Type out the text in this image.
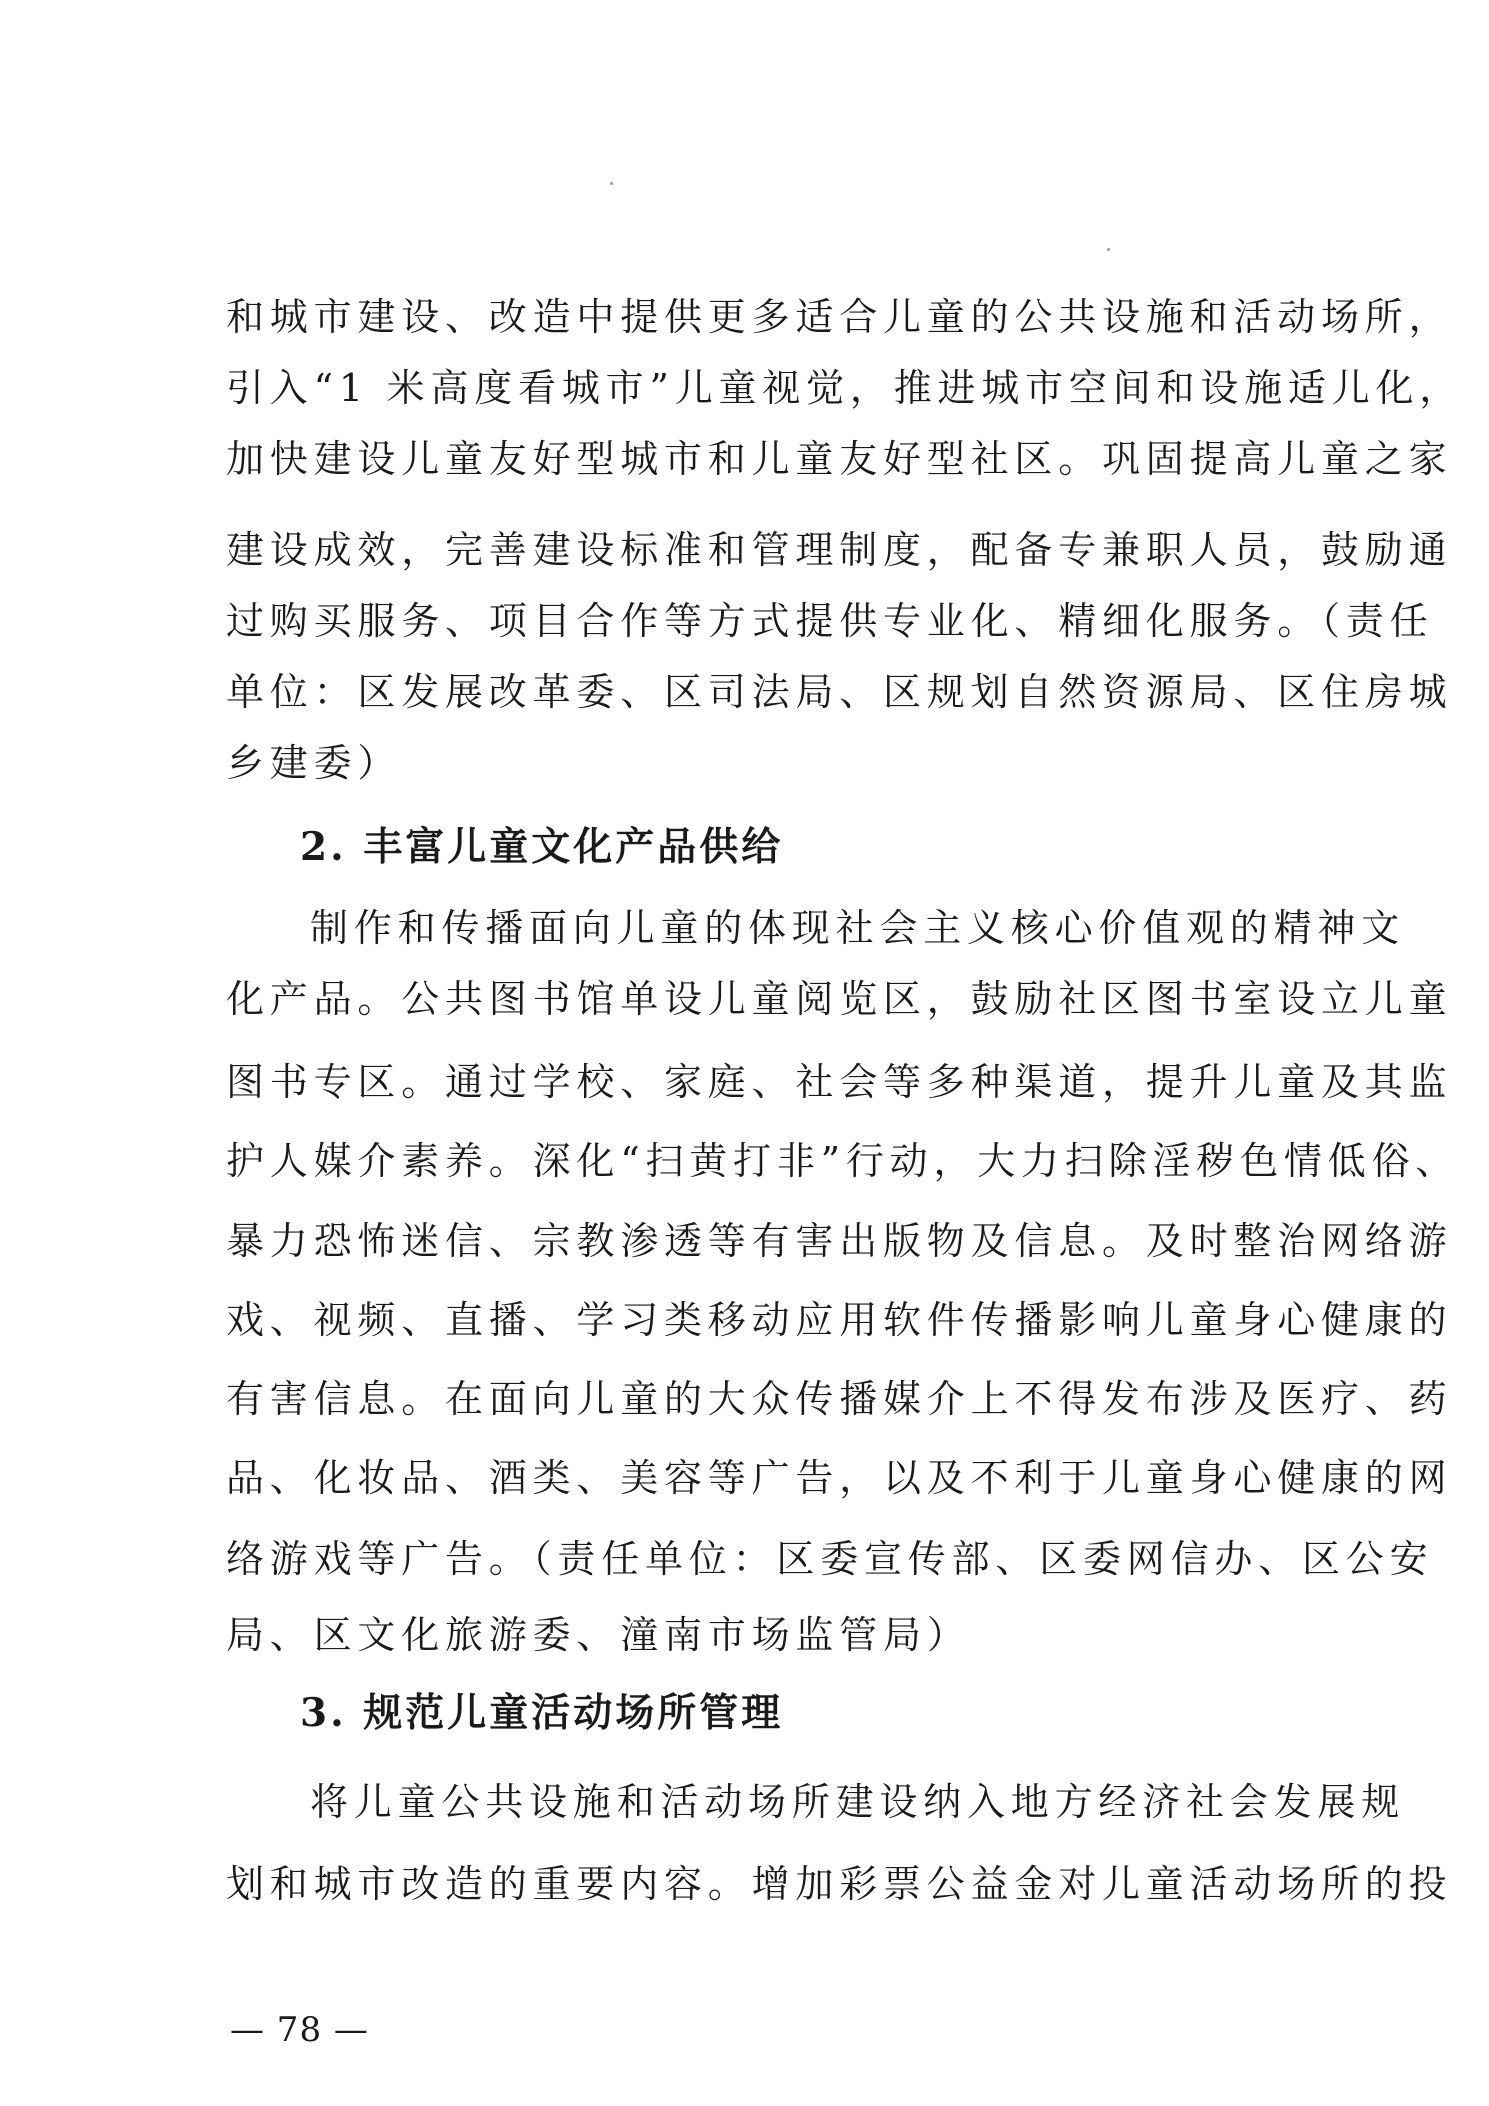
和城市建设、改造中提供更多适合儿童的公共设施和活动场所，
引入“1 米高度看城市”儿童视觉，推进城市空间和设施适儿化，
加快建设儿童友好型城市和儿童友好型社区。巩固提高儿童之家
建设成效，完善建设标准和管理制度，配备专兼职人员，鼓励通
过购买服务、项目合作等方式提供专业化、精细化服务。（责任
单位：区发展改革委、区司法局、区规划自然资源局、区住房城
乡建委）
2. 丰富儿童文化产品供给
制作和传播面向儿童的体现社会主义核心价值观的精神文
化产品。公共图书馆单设儿童阅览区，鼓励社区图书室设立儿童
图书专区。通过学校、家庭、社会等多种渠道，提升儿童及其监
护人媒介素养。深化“扫黄打非”行动，大力扫除淫秽色情低俗、
暴力恐怖迷信、宗教渗透等有害出版物及信息。及时整治网络游
戏、视频、直播、学习类移动应用软件传播影响儿童身心健康的
有害信息。在面向儿童的大众传播媒介上不得发布涉及医疗、药
品、化妆品、酒类、美容等广告，以及不利于儿童身心健康的网
络游戏等广告。（责任单位：区委宣传部、区委网信办、区公安
局、区文化旅游委、潼南市场监管局）
3. 规范儿童活动场所管理
将儿童公共设施和活动场所建设纳入地方经济社会发展规
划和城市改造的重要内容。增加彩票公益金对儿童活动场所的投
— 78 —
